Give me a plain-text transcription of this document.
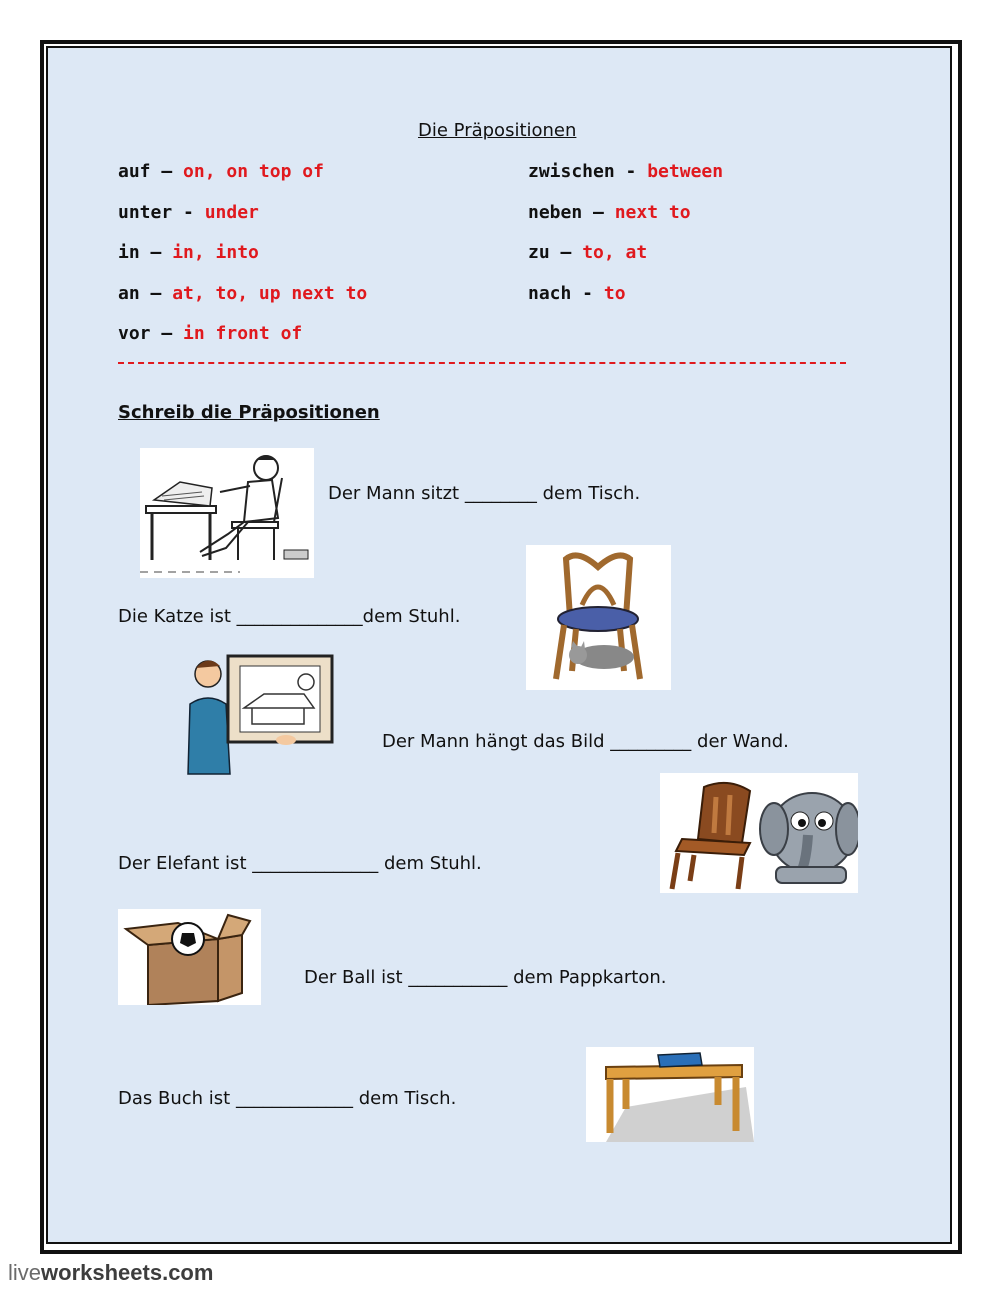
Die Präpositionen
auf – on, on top of
unter - under
in – in, into
an – at, to, up next to
vor – in front of
zwischen - between
neben – next to
zu – to, at
nach - to
Schreib die Präpositionen
Der Mann sitzt ________ dem Tisch.
Die Katze ist ______________dem Stuhl.
Der Mann hängt das Bild _________ der Wand.
Der Elefant ist ______________ dem Stuhl.
Der Ball ist ___________ dem Pappkarton.
Das Buch ist _____________ dem Tisch.
liveworksheets.com
